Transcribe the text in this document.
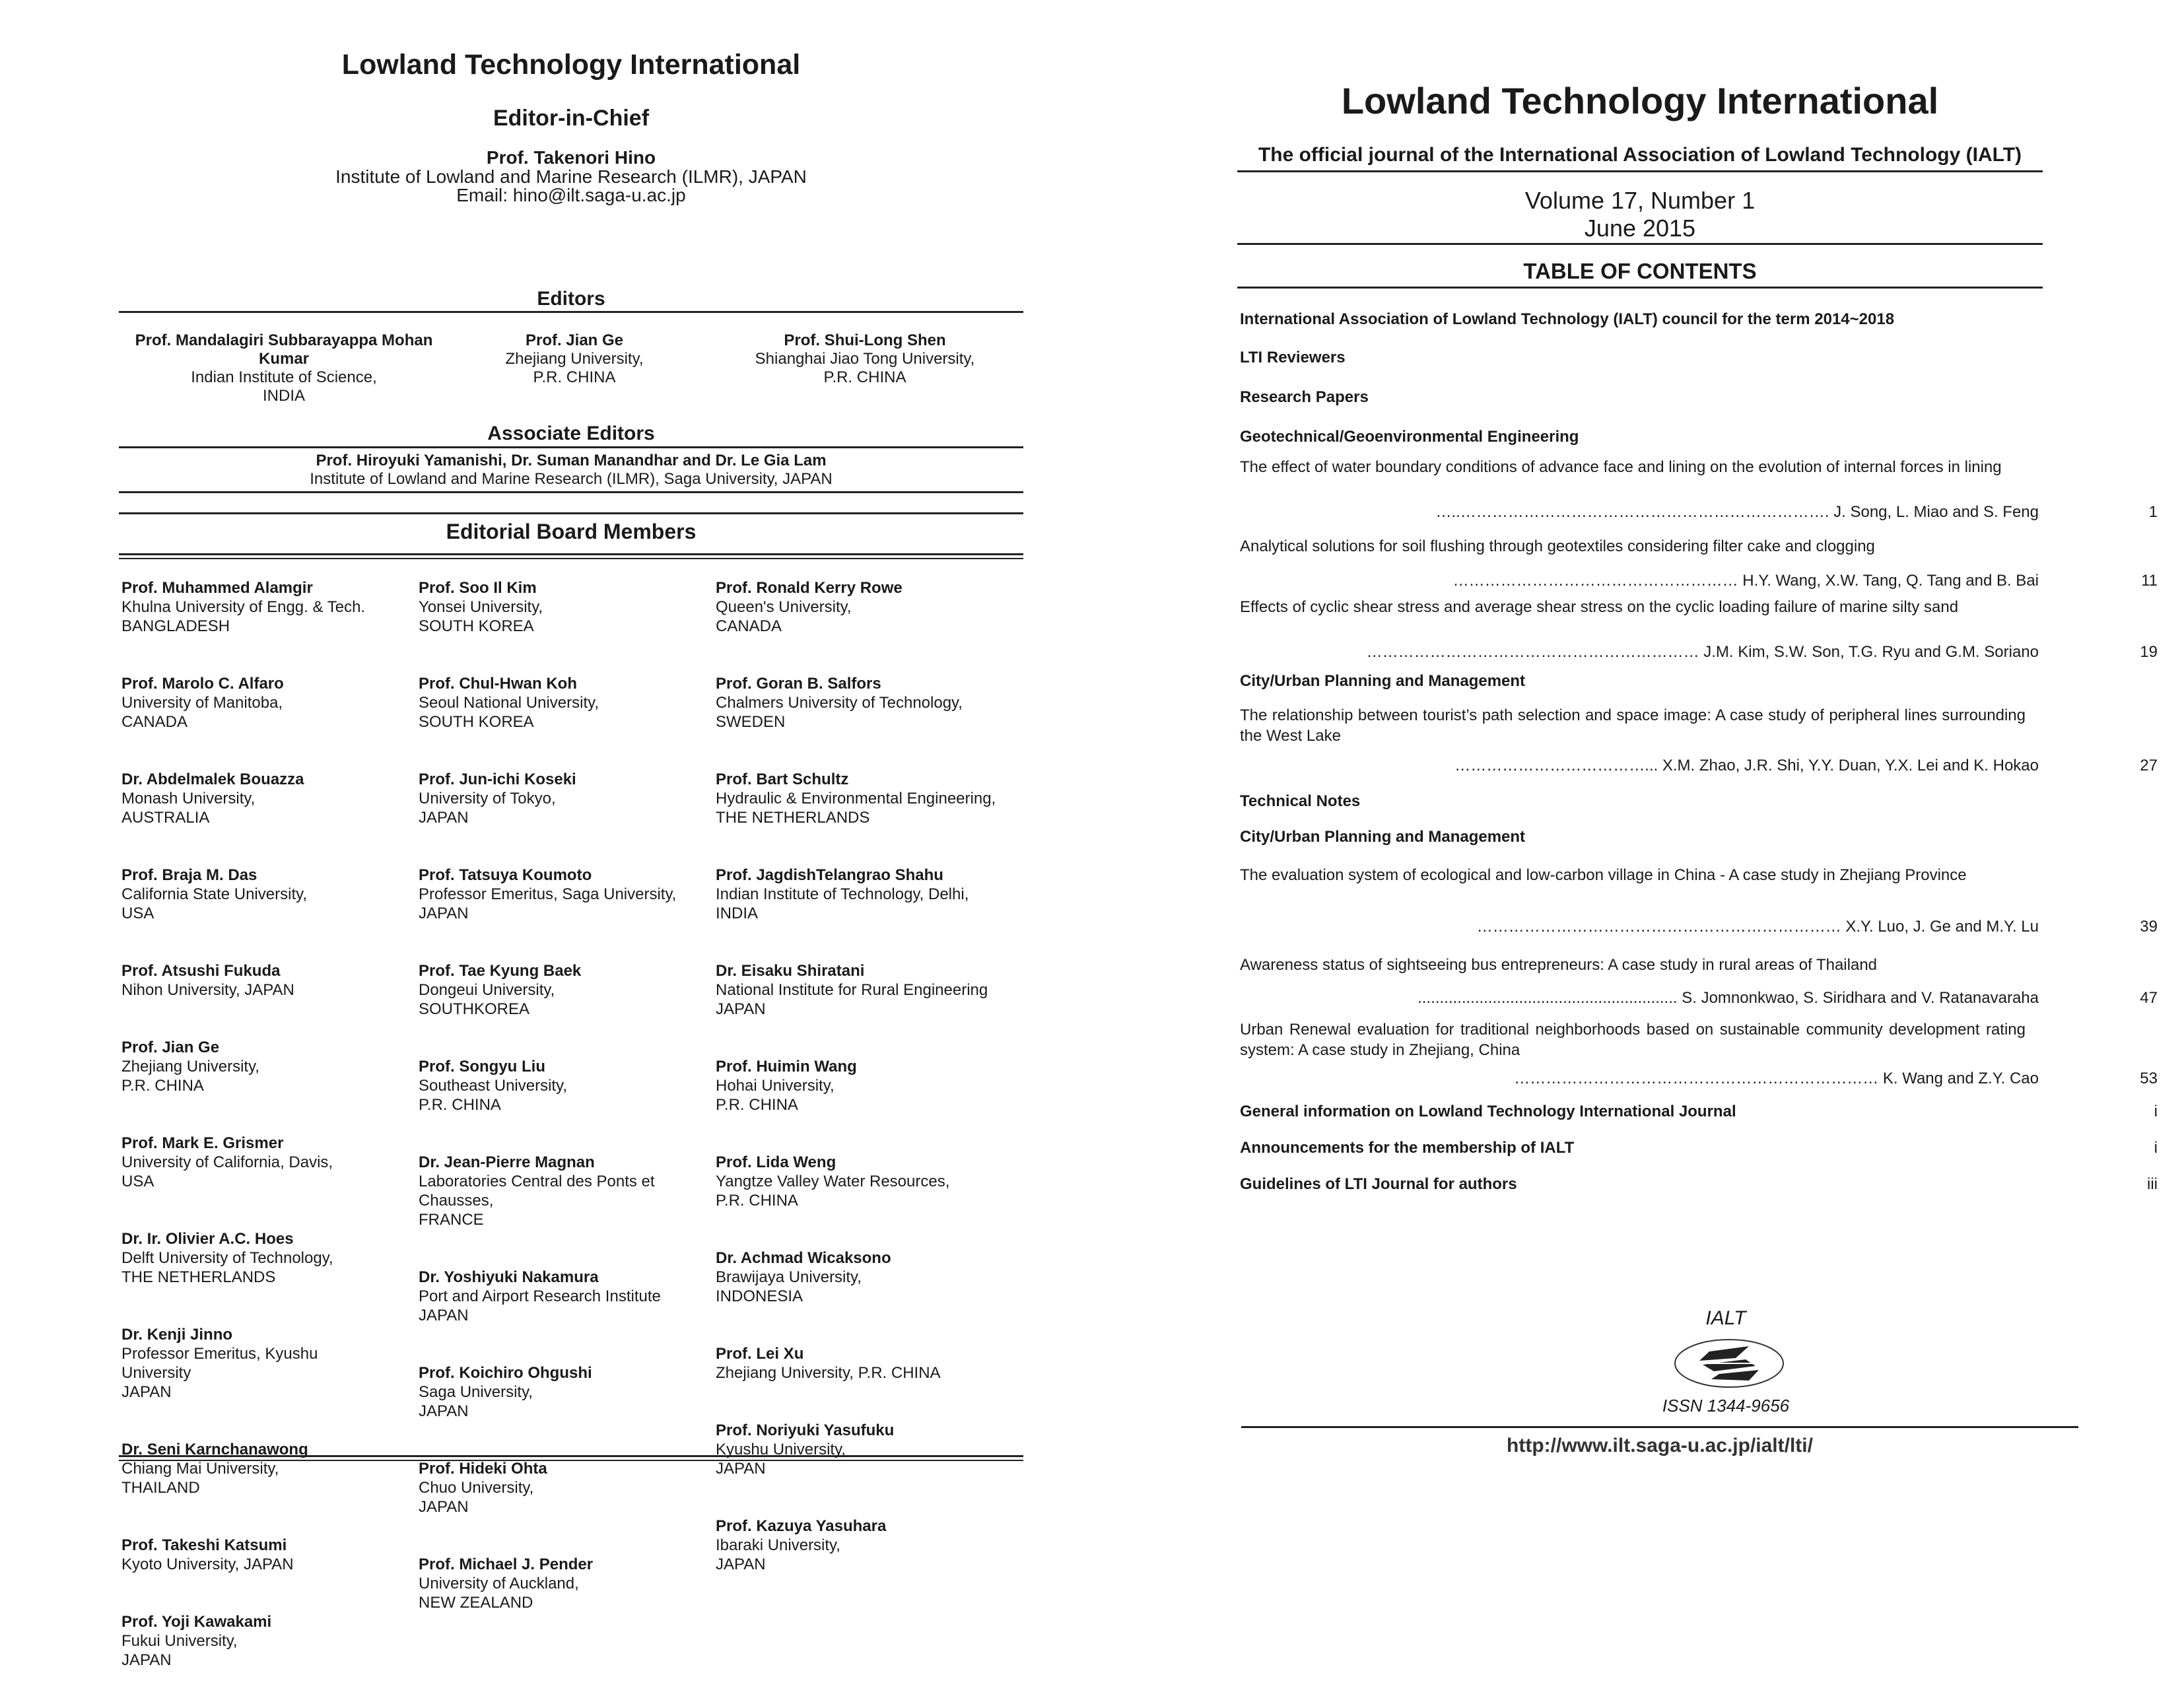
Lowland Technology International
Editor-in-Chief
Prof. Takenori Hino
Institute of Lowland and Marine Research (ILMR), JAPAN
Email: hino@ilt.saga-u.ac.jp
Editors
Prof. Mandalagiri Subbarayappa Mohan
Kumar
Indian Institute of Science,
INDIA
Prof. Jian Ge
Zhejiang University,
P.R. CHINA
Prof. Shui-Long Shen
Shianghai Jiao Tong University,
P.R. CHINA
Associate Editors
Prof. Hiroyuki Yamanishi, Dr. Suman Manandhar and Dr. Le Gia Lam
Institute of Lowland and Marine Research (ILMR), Saga University, JAPAN
Editorial Board Members
Prof. Muhammed Alamgir
Khulna University of Engg. & Tech.
BANGLADESH
Prof. Marolo C. Alfaro
University of Manitoba,
CANADA
Dr. Abdelmalek Bouazza
Monash University,
AUSTRALIA
Prof. Braja M. Das
California State University,
USA
Prof. Atsushi Fukuda
Nihon University, JAPAN
Prof. Jian Ge
Zhejiang University,
P.R. CHINA
Prof. Mark E. Grismer
University of California, Davis,
USA
Dr. Ir. Olivier A.C. Hoes
Delft University of Technology,
THE NETHERLANDS
Dr. Kenji Jinno
Professor Emeritus, Kyushu
University
JAPAN
Dr. Seni Karnchanawong
Chiang Mai University,
THAILAND
Prof. Takeshi Katsumi
Kyoto University, JAPAN
Prof. Yoji Kawakami
Fukui University,
JAPAN
Prof. Soo Il Kim
Yonsei University,
SOUTH KOREA
Prof. Chul-Hwan Koh
Seoul National University,
SOUTH KOREA
Prof. Jun-ichi Koseki
University of Tokyo,
JAPAN
Prof. Tatsuya Koumoto
Professor Emeritus, Saga University,
JAPAN
Prof. Tae Kyung Baek
Dongeui University,
SOUTHKOREA
Prof. Songyu Liu
Southeast University,
P.R. CHINA
Dr. Jean-Pierre Magnan
Laboratories Central des Ponts et
Chausses,
FRANCE
Dr. Yoshiyuki Nakamura
Port and Airport Research Institute
JAPAN
Prof. Koichiro Ohgushi
Saga University,
JAPAN
Prof. Hideki Ohta
Chuo University,
JAPAN
Prof. Michael J. Pender
University of Auckland,
NEW ZEALAND
Prof. Ronald Kerry Rowe
Queen's University,
CANADA
Prof. Goran B. Salfors
Chalmers University of Technology,
SWEDEN
Prof. Bart Schultz
Hydraulic & Environmental Engineering,
THE NETHERLANDS
Prof. JagdishTelangrao Shahu
Indian Institute of Technology, Delhi,
INDIA
Dr. Eisaku Shiratani
National Institute for Rural Engineering
JAPAN
Prof. Huimin Wang
Hohai University,
P.R. CHINA
Prof. Lida Weng
Yangtze Valley Water Resources,
P.R. CHINA
Dr. Achmad Wicaksono
Brawijaya University,
INDONESIA
Prof. Lei Xu
Zhejiang University, P.R. CHINA
Prof. Noriyuki Yasufuku
Kyushu University,
JAPAN
Prof. Kazuya Yasuhara
Ibaraki University,
JAPAN
Lowland Technology International
The official journal of the International Association of Lowland Technology (IALT)
Volume 17, Number 1
June 2015
TABLE OF CONTENTS
International Association of Lowland Technology (IALT) council for the term 2014~2018
LTI Reviewers
Research Papers
Geotechnical/Geoenvironmental Engineering
The effect of water boundary conditions of advance face and lining on the evolution of internal forces in lining
…..……………………………………………………………. J. Song, L. Miao and S. Feng	1
Analytical solutions for soil flushing through geotextiles considering filter cake and clogging
……………………………………………… H.Y. Wang, X.W. Tang, Q. Tang and B. Bai	11
Effects of cyclic shear stress and average shear stress on the cyclic loading failure of marine silty sand
……………………………………………………… J.M. Kim, S.W. Son, T.G. Ryu and G.M. Soriano	19
City/Urban Planning and Management
The relationship between tourist’s path selection and space image: A case study of peripheral lines surrounding the West Lake
………………………………... X.M. Zhao, J.R. Shi, Y.Y. Duan, Y.X. Lei and K. Hokao	27
Technical Notes
City/Urban Planning and Management
The evaluation system of ecological and low-carbon village in China - A case study in Zhejiang Province
…………………………………………………………… X.Y. Luo, J. Ge and M.Y. Lu	39
Awareness status of sightseeing bus entrepreneurs: A case study in rural areas of Thailand
........................................................... S. Jomnonkwao, S. Siridhara and V. Ratanavaraha	47
Urban Renewal evaluation for traditional neighborhoods based on sustainable community development rating system: A case study in Zhejiang, China
…………………………………………………………… K. Wang and Z.Y. Cao	53
General information on Lowland Technology International Journal	i
Announcements for the membership of IALT	i
Guidelines of LTI Journal for authors	iii
IALT
ISSN 1344-9656
http://www.ilt.saga-u.ac.jp/ialt/lti/
